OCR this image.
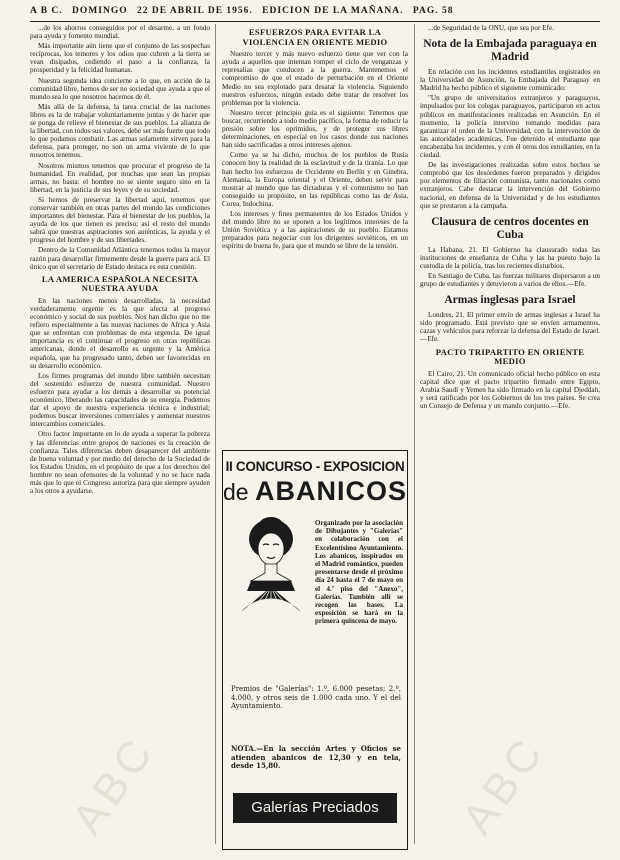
A B C. DOMINGO 22 DE ABRIL DE 1956. EDICION DE LA MAÑANA. PAG. 58

...de los ahorros conseguidos por el desarme, a un fondo para ayuda y fomento mundial.

Más importante aún tiene que el conjunto de las sospechas recíprocas, los temores y los odios que cubren a la tierra se vean disipados, cediendo el paso a la confianza, la prosperidad y la felicidad humanas.

Nuestra segunda idea concierne a lo que, en acción de la comunidad libre, hemos de ser no sociedad que ayuda a que el mundo sea lo que nosotros hacemos de él.

Más allá de la defensa, la tarea crucial de las naciones libres es la de trabajar voluntariamente juntas y de hacer que se ponga de relieve el bienestar de sus pueblos. La alianza de la libertad, con todos sus valores, debe ser más fuerte que todo lo que podamos combatir. Las armas solamente sirven para la defensa, para proteger, no son un arma viviente de lo que nosotros tenemos.

Nosotros mismos tenemos que procurar el progreso de la humanidad. En realidad, por muchas que sean las propias armas, no basta: el hombre no se siente seguro sino en la libertad, en la justicia de sus leyes y de su sociedad.

Si hemos de preservar la libertad aquí, tenemos que conservar también en otras partes del mundo las condiciones importantes del bienestar. Para el bienestar de los pueblos, la ayuda de los que tienen es preciso; así el resto del mundo sabrá que nuestras aspiraciones son auténticas, la ayuda y el progreso del hombre y de sus libertades.

Dentro de la Comunidad Atlántica tenemos todos la mayor razón para desarrollar firmemente desde la guerra para acá. El único que el secretario de Estado destaca es esta cuestión.

LA AMERICA ESPAÑOLA NECESITA NUESTRA AYUDA

En las naciones menos desarrolladas, la necesidad verdaderamente urgente es la que afecta al progreso económico y social de sus pueblos. Nos han dicho que no me refiero especialmente a las nuevas naciones de Africa y Asia que se enfrentan con problemas de esta urgencia. De igual importancia es el continuar el progreso en otras repúblicas americanas, donde el desarrollo es urgente y la América española, que ha progresado tanto, deben ser favorecidas en su desarrollo económico.

Los firmes programas del mundo libre también necesitan del sostenido esfuerzo de nuestra comunidad. Nuestro esfuerzo para ayudar a los demás a desarrollar su potencial económico, liberando las capacidades de su energía. Podemos dar el apoyo de nuestra experiencia técnica e industrial; podemos buscar inversiones comerciales y aumentar nuestros intercambios comerciales.

Otro factor importante en lo de ayuda a superar la pobreza y las diferencias entre grupos de naciones es la creación de confianza. Tales diferencias deben desaparecer del ambiente de buena voluntad y por medio del derecho de la Sociedad de los Estados Unidos, en el propósito de que a los derechos del hombre no sean ofensores de la voluntad y no se hace nada más que lo que el Congreso autoriza para que siempre ayuden a los otros a ayudarse.

ESFUERZOS PARA EVITAR LA VIOLENCIA EN ORIENTE MEDIO

Nuestro tercer y más nuevo esfuerzo tiene que ver con la ayuda a aquellos que intentan romper el ciclo de venganzas y represalias que conducen a la guerra. Mantenemos el compromiso de que el estado de perturbación en el Oriente Medio no sea explotado para desatar la violencia. Siguiendo nuestros esfuerzos, ningún estado debe tratar de resolver los problemas por la violencia.

Nuestro tercer principio guía es el siguiente: Tenemos que buscar, recurriendo a todo medio pacífico, la forma de reducir la presión sobre los oprimidos, y de proteger sus libres determinaciones, en especial en los casos donde sus naciones han sido sacrificadas a otros intereses ajenos.

Como ya se ha dicho, muchos de los pueblos de Rusia conocen hoy la realidad de la esclavitud y de la tiranía. Lo que han hecho los esfuerzos de Occidente en Berlín y en Ginebra, Alemania, la Europa oriental y el Oriente, deben servir para mostrar al mundo que las dictaduras y el comunismo no han conseguido su propósito, en las repúblicas como las de Asia, Corea, Indochina.

Los intereses y fines permanentes de los Estados Unidos y del mundo libre no se oponen a los legítimos intereses de la Unión Soviética y a las aspiraciones de su pueblo. Estamos preparados para negociar con los dirigentes soviéticos, en un espíritu de buena fe, para que el mundo se libre de la tensión.

II CONCURSO - EXPOSICION
de ABANICOS
Organizado por la asociación de Dibujantes y "Galerías" en colaboración con el Excelentísimo Ayuntamiento. Los abanicos, inspirados en el Madrid romántico, pueden presentarse desde el próximo día 24 hasta el 7 de mayo en el 4.º piso del "Anexo", Galerías. También allí se recogen las bases. La exposición se hará en la primera quincena de mayo.
Premios de "Galerías": 1.º, 6.000 pesetas; 2.º, 4.000, y otros seis de 1.000 cada uno. Y el del Ayuntamiento.
NOTA.—En la sección Artes y Oficios se atienden abanicos de 12,30 y en tela, desde 15,80.
Galerías Preciados

...de Seguridad de la ONU, que sea por Efe.

Nota de la Embajada paraguaya en Madrid

En relación con los incidentes estudiantiles registrados en la Universidad de Asunción, la Embajada del Paraguay en Madrid ha hecho público el siguiente comunicado:

"Un grupo de universitarios extranjeros y paraguayos, impulsados por los colegas paraguayos, participaron en actos públicos en manifestaciones realizadas en Asunción. En el momento, la policía intervino tomando medidas para garantizar el orden de la Universidad, con la intervención de las autoridades académicas. Fue detenido el estudiante que encabezaba los incidentes, y con él otros dos estudiantes, en la ciudad.

De las investigaciones realizadas sobre estos hechos se comprobó que los desórdenes fueron preparados y dirigidos por elementos de filiación comunista, tanto nacionales como extranjeros. Cabe destacar la intervención del Gobierno nacional, en defensa de la Universidad y de los estudiantes que se prestaron a la campaña.

Clausura de centros docentes en Cuba

La Habana, 21. El Gobierno ha clausurado todas las instituciones de enseñanza de Cuba y las ha puesto bajo la custodia de la policía, tras los recientes disturbios.

En Santiago de Cuba, las fuerzas militares dispersaron a un grupo de estudiantes y detuvieron a varios de ellos.—Efe.

Armas inglesas para Israel

Londres, 21. El primer envío de armas inglesas a Israel ha sido programado. Está previsto que se envíen armamentos, cazas y vehículos para reforzar la defensa del Estado de Israel.—Efe.

PACTO TRIPARTITO EN ORIENTE MEDIO

El Cairo, 21. Un comunicado oficial hecho público en esta capital dice que el pacto tripartito firmado entre Egipto, Arabia Saudí y Yemen ha sido firmado en la capital Djeddah, y será ratificado por los Gobiernos de los tres países. Se crea un Consejo de Defensa y un mando conjunto.—Efe.

ABC	ABC
